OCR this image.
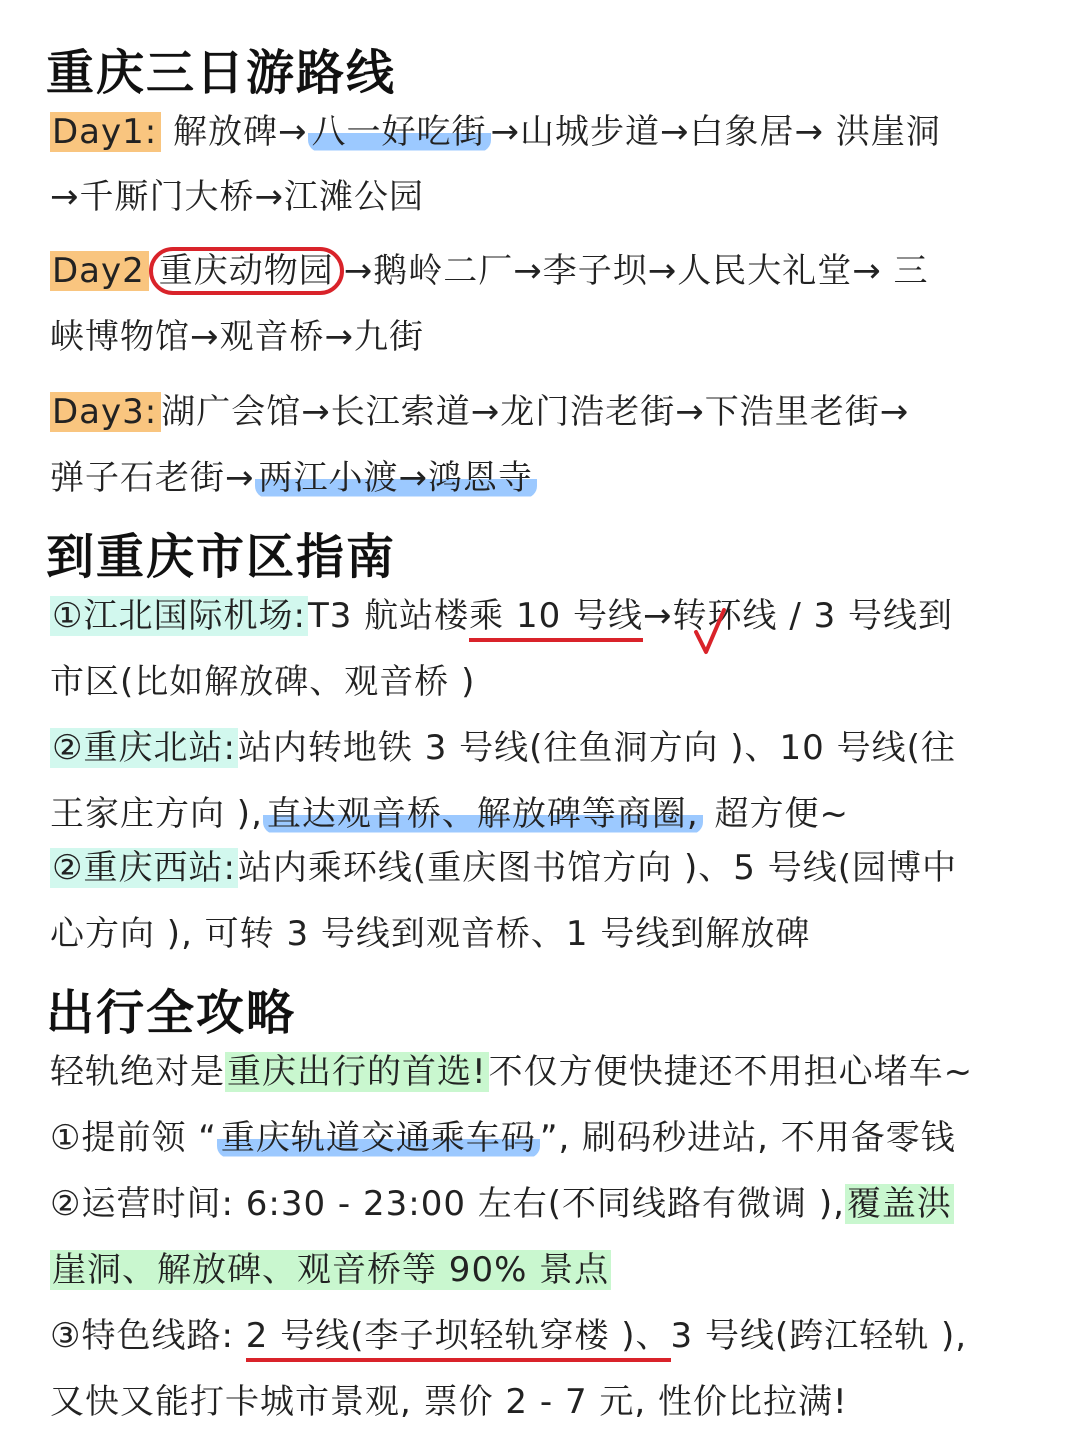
重庆三日游路线
Day1: 解放碑→ 八一好吃街 →山城步道→白象居→ 洪崖洞
→千厮门大桥→江滩公园
Day2 重庆动物园 →鹅岭二厂→李子坝→人民大礼堂→ 三
峡博物馆→观音桥→九街
Day3: 湖广会馆→长江索道→龙门浩老街→下浩里老街→
弹子石老街→ 两江小渡→鸿恩寺
到重庆市区指南
①江北国际机场:T3 航站楼乘 10 号线→转环线 / 3 号线到
市区(比如解放碑、观音桥 )
②重庆北站:站内转地铁 3 号线(往鱼洞方向 )、10 号线(往
王家庄方向 ), 直达观音桥、解放碑等商圈, 超方便~
②重庆西站:站内乘环线(重庆图书馆方向 )、5 号线(园博中
心方向 ), 可转 3 号线到观音桥、1 号线到解放碑
出行全攻略
轻轨绝对是重庆出行的首选!不仅方便快捷还不用担心堵车~
①提前领 “ 重庆轨道交通乘车码 ”, 刷码秒进站, 不用备零钱
②运营时间: 6:30 - 23:00 左右(不同线路有微调 ),覆盖洪
崖洞、解放碑、观音桥等 90% 景点
③特色线路: 2 号线(李子坝轻轨穿楼 )、3 号线(跨江轻轨 ),
又快又能打卡城市景观, 票价 2 - 7 元, 性价比拉满!
